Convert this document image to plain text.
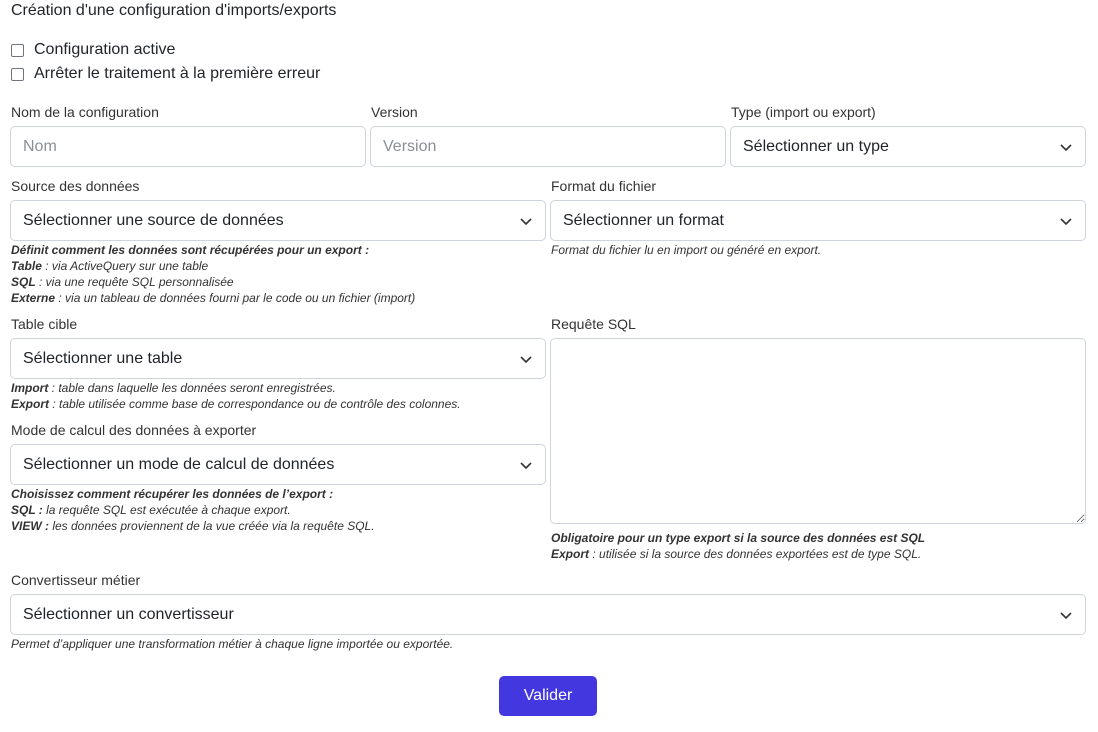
Création d'une configuration d'imports/exports
Configuration active
Arrêter le traitement à la première erreur
Nom de la configuration
Nom
Version
Version
Type (import ou export)
Sélectionner un type
Source des données
Sélectionner une source de données
Définit comment les données sont récupérées pour un export :
Table : via ActiveQuery sur une table
SQL : via une requête SQL personnalisée
Externe : via un tableau de données fourni par le code ou un fichier (import)
Format du fichier
Sélectionner un format
Format du fichier lu en import ou généré en export.
Table cible
Sélectionner une table
Import : table dans laquelle les données seront enregistrées.
Export : table utilisée comme base de correspondance ou de contrôle des colonnes.
Mode de calcul des données à exporter
Sélectionner un mode de calcul de données
Choisissez comment récupérer les données de l’export :
SQL : la requête SQL est exécutée à chaque export.
VIEW : les données proviennent de la vue créée via la requête SQL.
Requête SQL
Obligatoire pour un type export si la source des données est SQL
Export : utilisée si la source des données exportées est de type SQL.
Convertisseur métier
Sélectionner un convertisseur
Permet d’appliquer une transformation métier à chaque ligne importée ou exportée.
Valider
